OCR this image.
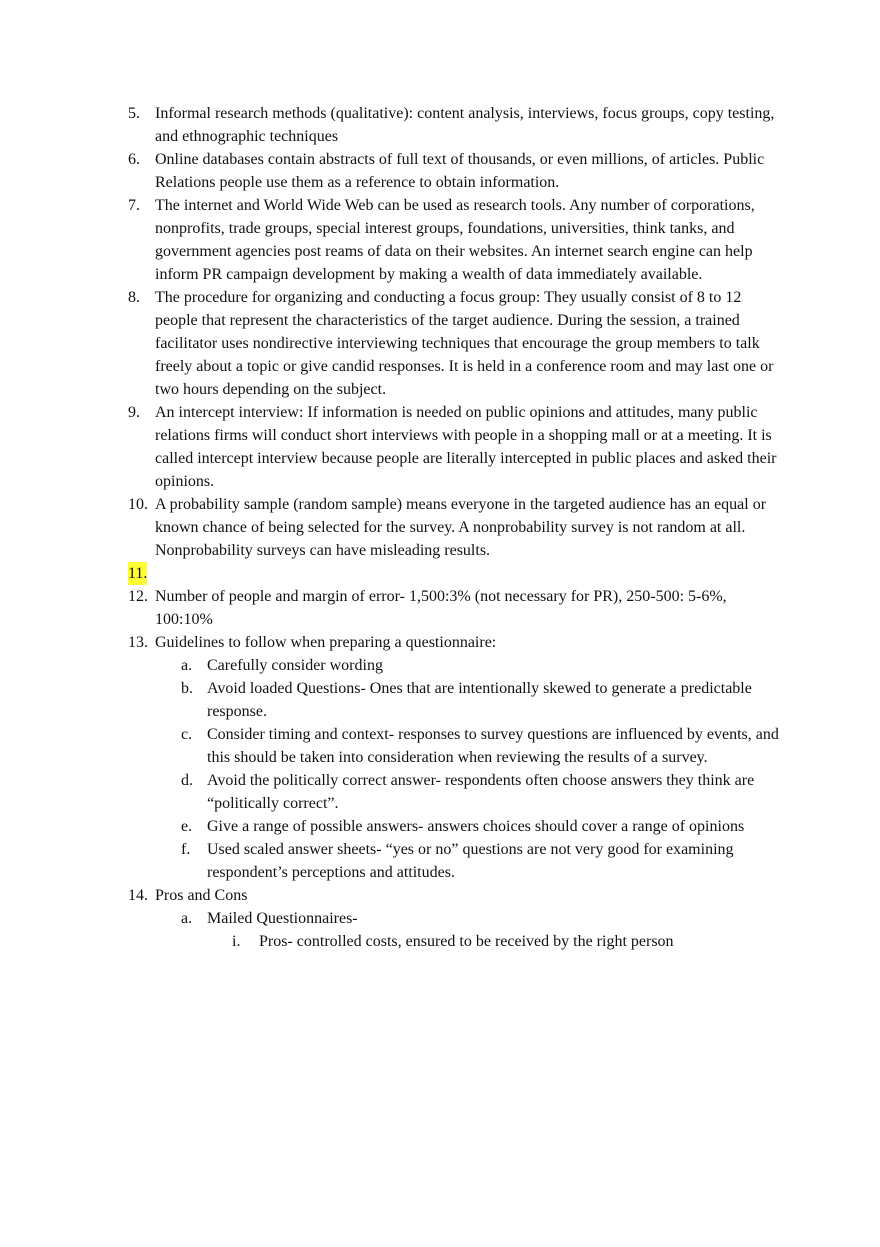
5. Informal research methods (qualitative): content analysis, interviews, focus groups, copy testing, and ethnographic techniques
6. Online databases contain abstracts of full text of thousands, or even millions, of articles. Public Relations people use them as a reference to obtain information.
7. The internet and World Wide Web can be used as research tools. Any number of corporations, nonprofits, trade groups, special interest groups, foundations, universities, think tanks, and government agencies post reams of data on their websites. An internet search engine can help inform PR campaign development by making a wealth of data immediately available.
8. The procedure for organizing and conducting a focus group: They usually consist of 8 to 12 people that represent the characteristics of the target audience. During the session, a trained facilitator uses nondirective interviewing techniques that encourage the group members to talk freely about a topic or give candid responses. It is held in a conference room and may last one or two hours depending on the subject.
9. An intercept interview: If information is needed on public opinions and attitudes, many public relations firms will conduct short interviews with people in a shopping mall or at a meeting. It is called intercept interview because people are literally intercepted in public places and asked their opinions.
10. A probability sample (random sample) means everyone in the targeted audience has an equal or known chance of being selected for the survey. A nonprobability survey is not random at all. Nonprobability surveys can have misleading results.
11.
12. Number of people and margin of error- 1,500:3% (not necessary for PR), 250-500: 5-6%, 100:10%
13. Guidelines to follow when preparing a questionnaire:
a. Carefully consider wording
b. Avoid loaded Questions- Ones that are intentionally skewed to generate a predictable response.
c. Consider timing and context- responses to survey questions are influenced by events, and this should be taken into consideration when reviewing the results of a survey.
d. Avoid the politically correct answer- respondents often choose answers they think are “politically correct”.
e. Give a range of possible answers- answers choices should cover a range of opinions
f.	Used scaled answer sheets- “yes or no” questions are not very good for examining respondent’s perceptions and attitudes.
14. Pros and Cons
a. Mailed Questionnaires-
i.	Pros- controlled costs, ensured to be received by the right person
